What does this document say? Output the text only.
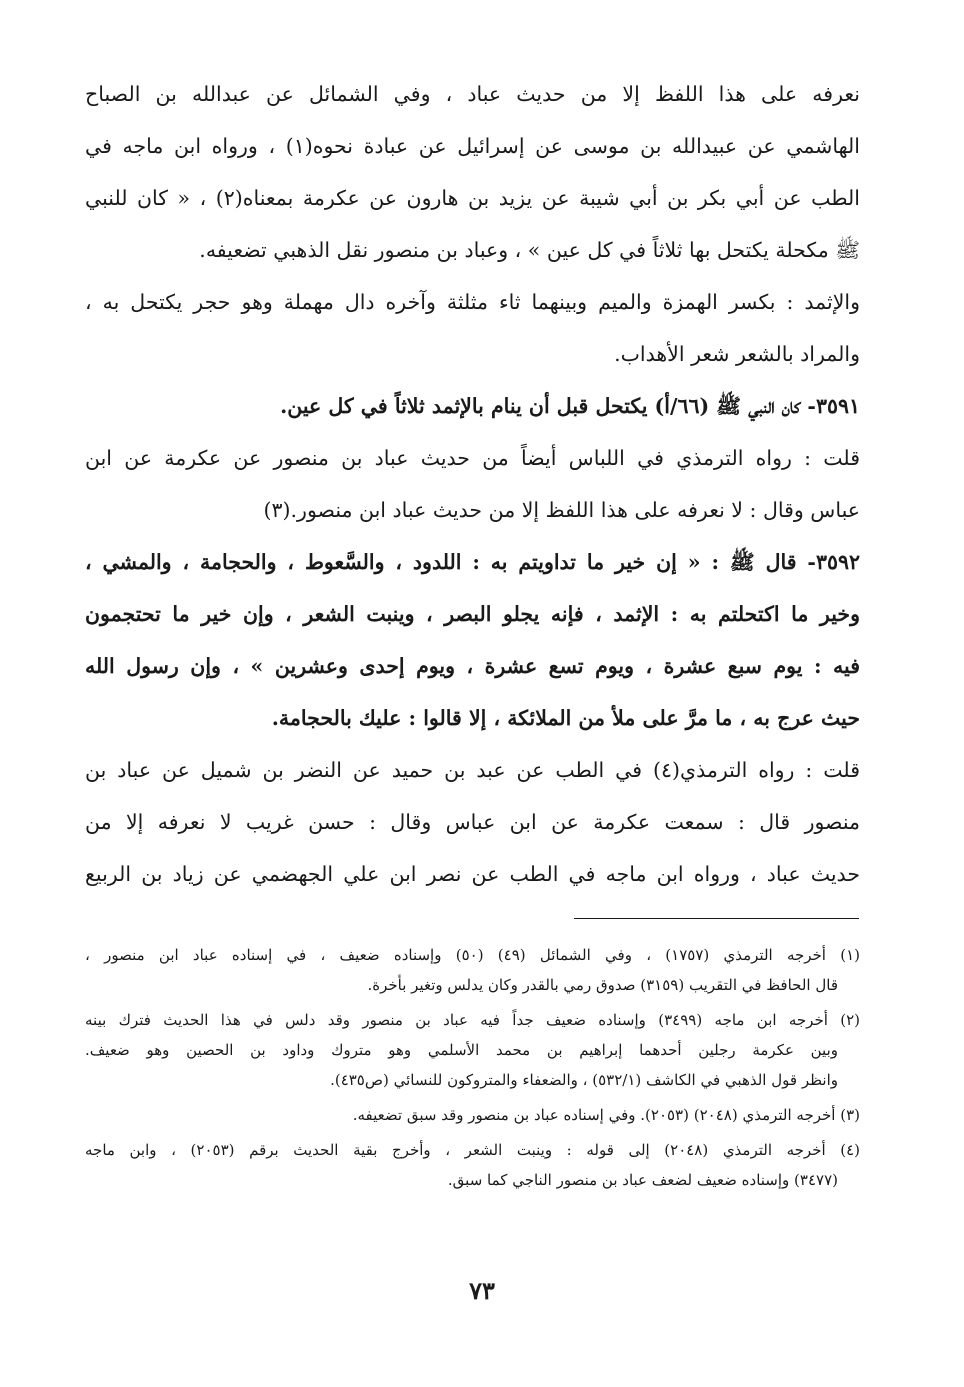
نعرفه على هذا اللفظ إلا من حديث عباد ، وفي الشمائل عن عبدالله بن الصباح
الهاشمي عن عبيدالله بن موسى عن إسرائيل عن عبادة نحوه(١) ، ورواه ابن ماجه في
الطب عن أبي بكر بن أبي شيبة عن يزيد بن هارون عن عكرمة بمعناه(٢) ، « كان للنبي
ﷺ مكحلة يكتحل بها ثلاثاً في كل عين » ، وعباد بن منصور نقل الذهبي تضعيفه.
والإثمد : بكسر الهمزة والميم وبينهما ثاء مثلثة وآخره دال مهملة وهو حجر يكتحل به ،
والمراد بالشعر شعر الأهداب.
٣٥٩١- كان النبي ﷺ (٦٦/أ) يكتحل قبل أن ينام بالإثمد ثلاثاً في كل عين.
قلت : رواه الترمذي في اللباس أيضاً من حديث عباد بن منصور عن عكرمة عن ابن
عباس وقال : لا نعرفه على هذا اللفظ إلا من حديث عباد ابن منصور.(٣)
٣٥٩٢- قال ﷺ : « إن خير ما تداويتم به : اللدود ، والسَّعوط ، والحجامة ، والمشي ،
وخير ما اكتحلتم به : الإثمد ، فإنه يجلو البصر ، وينبت الشعر ، وإن خير ما تحتجمون
فيه : يوم سبع عشرة ، ويوم تسع عشرة ، ويوم إحدى وعشرين » ، وإن رسول الله
حيث عرج به ، ما مرَّ على ملأ من الملائكة ، إلا قالوا : عليك بالحجامة.
قلت : رواه الترمذي(٤) في الطب عن عبد بن حميد عن النضر بن شميل عن عباد بن
منصور قال : سمعت عكرمة عن ابن عباس وقال : حسن غريب لا نعرفه إلا من
حديث عباد ، ورواه ابن ماجه في الطب عن نصر ابن علي الجهضمي عن زياد بن الربيع
(١) أخرجه الترمذي (١٧٥٧) ، وفي الشمائل (٤٩) (٥٠) وإسناده ضعيف ، في إسناده عباد ابن منصور ،
قال الحافظ في التقريب (٣١٥٩) صدوق رمي بالقدر وكان يدلس وتغير بأخرة.
(٢) أخرجه ابن ماجه (٣٤٩٩) وإسناده ضعيف جداً فيه عباد بن منصور وقد دلس في هذا الحديث فترك بينه
وبين عكرمة رجلين أحدهما إبراهيم بن محمد الأسلمي وهو متروك وداود بن الحصين وهو ضعيف.
وانظر قول الذهبي في الكاشف (٥٣٢/١) ، والضعفاء والمتروكون للنسائي (ص٤٣٥).
(٣) أخرجه الترمذي (٢٠٤٨) (٢٠٥٣). وفي إسناده عباد بن منصور وقد سبق تضعيفه.
(٤) أخرجه الترمذي (٢٠٤٨) إلى قوله : وينبت الشعر ، وأخرج بقية الحديث برقم (٢٠٥٣) ، وابن ماجه
(٣٤٧٧) وإسناده ضعيف لضعف عباد بن منصور الناجي كما سبق.
٧٣
